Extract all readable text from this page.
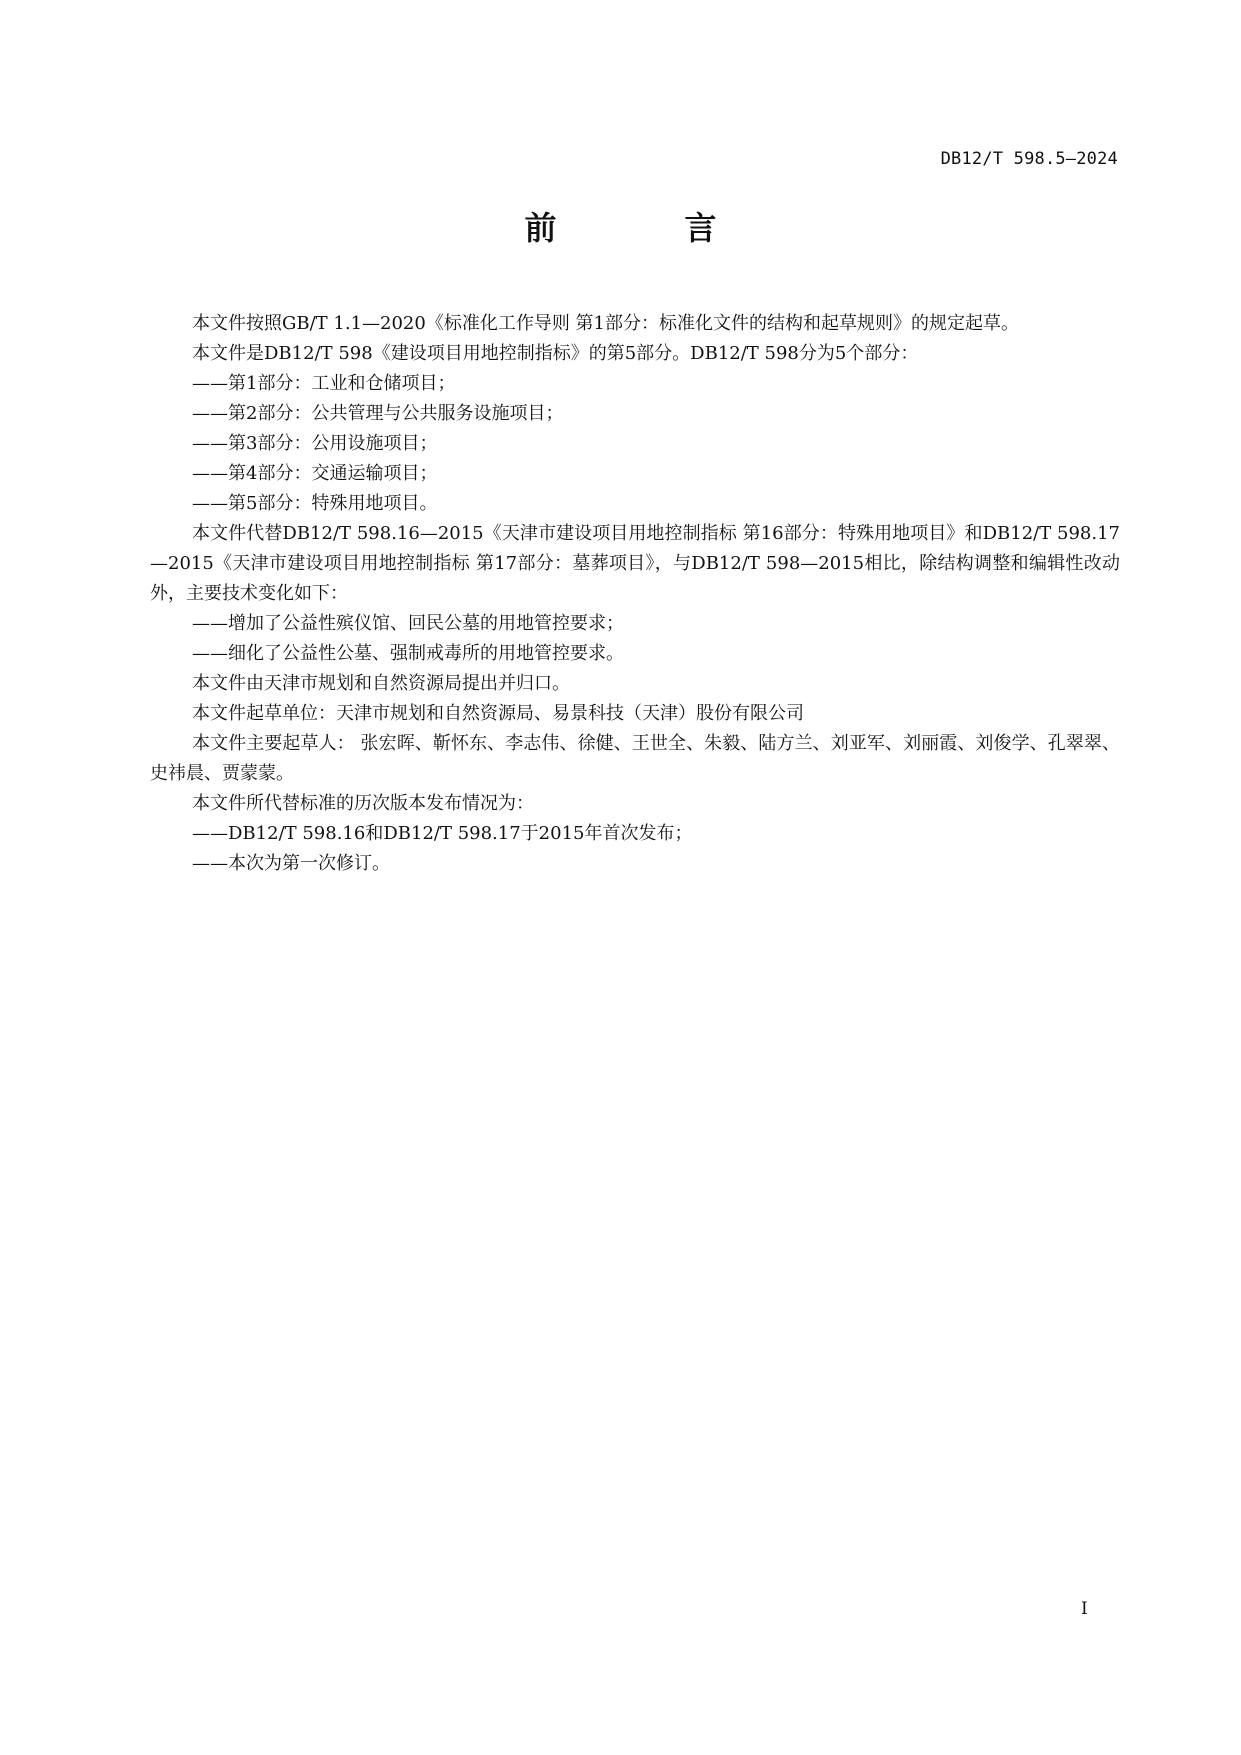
DB12/T 598.5—2024
前　言

本文件按照GB/T 1.1—2020《标准化工作导则 第1部分：标准化文件的结构和起草规则》的规定起草。

本文件是DB12/T 598《建设项目用地控制指标》的第5部分。DB12/T 598分为5个部分：

——第1部分：工业和仓储项目；

——第2部分：公共管理与公共服务设施项目；

——第3部分：公用设施项目；

——第4部分：交通运输项目；

——第5部分：特殊用地项目。

本文件代替DB12/T 598.16—2015《天津市建设项目用地控制指标 第16部分：特殊用地项目》和DB12/T 598.17—2015《天津市建设项目用地控制指标 第17部分：墓葬项目》，与DB12/T 598—2015相比，除结构调整和编辑性改动外，主要技术变化如下：

——增加了公益性殡仪馆、回民公墓的用地管控要求；

——细化了公益性公墓、强制戒毒所的用地管控要求。

本文件由天津市规划和自然资源局提出并归口。

本文件起草单位：天津市规划和自然资源局、易景科技（天津）股份有限公司

本文件主要起草人： 张宏晖、靳怀东、李志伟、徐健、王世全、朱毅、陆方兰、刘亚军、刘丽霞、刘俊学、孔翠翠、史祎晨、贾蒙蒙。

本文件所代替标准的历次版本发布情况为：

——DB12/T 598.16和DB12/T 598.17于2015年首次发布；

——本次为第一次修订。

I
